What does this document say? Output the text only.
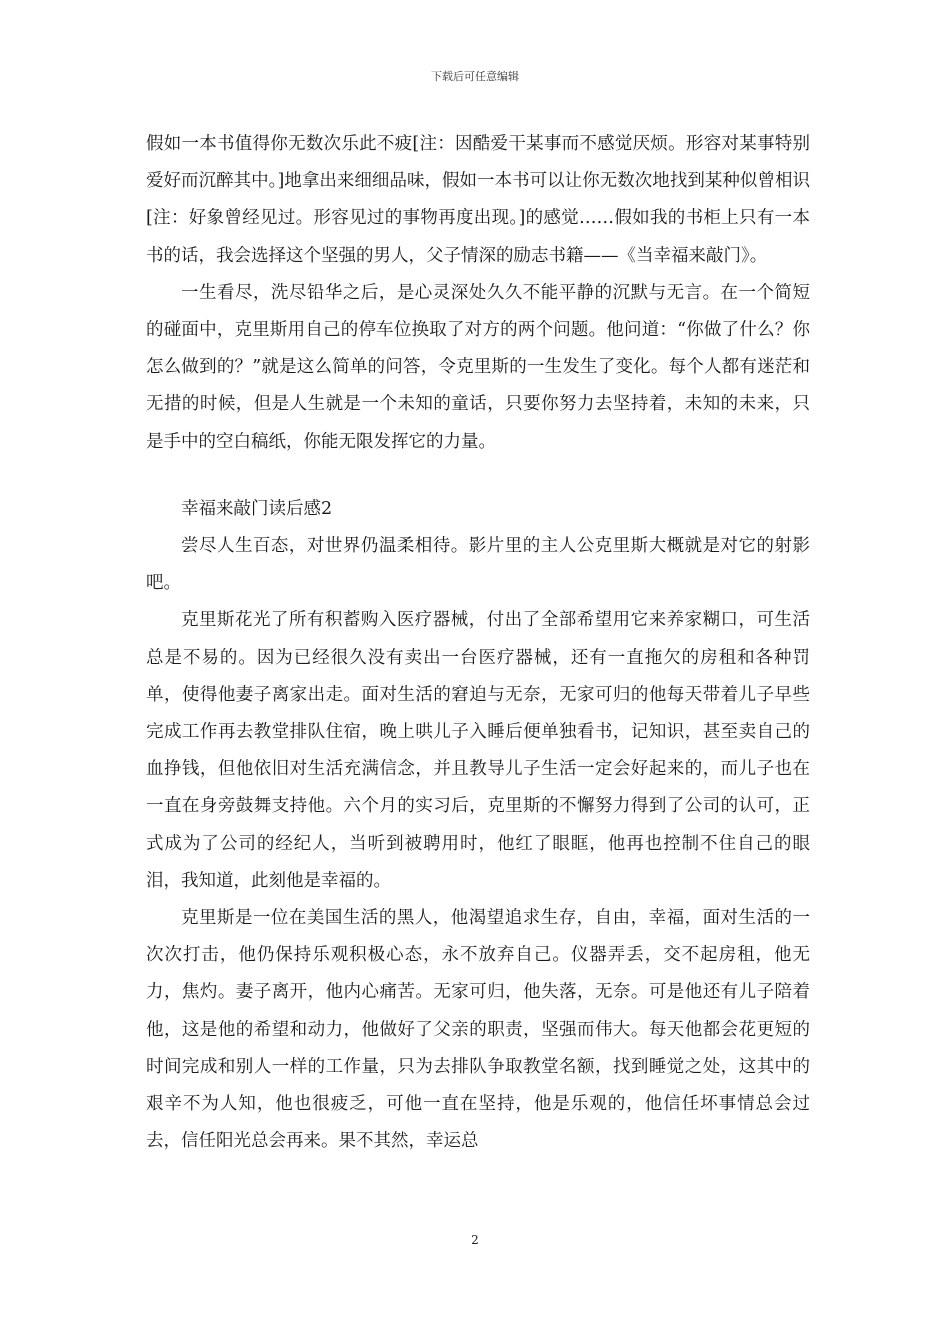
下载后可任意编辑

假如一本书值得你无数次乐此不疲[注：因酷爱干某事而不感觉厌烦。形容对某事特别爱好而沉醉其中。]地拿出来细细品味，假如一本书可以让你无数次地找到某种似曾相识[注：好象曾经见过。形容见过的事物再度出现。]的感觉……假如我的书柜上只有一本书的话，我会选择这个坚强的男人，父子情深的励志书籍——《当幸福来敲门》。

一生看尽，洗尽铅华之后，是心灵深处久久不能平静的沉默与无言。在一个简短的碰面中，克里斯用自己的停车位换取了对方的两个问题。他问道：“你做了什么？你怎么做到的？”就是这么简单的问答，令克里斯的一生发生了变化。每个人都有迷茫和无措的时候，但是人生就是一个未知的童话，只要你努力去坚持着，未知的未来，只是手中的空白稿纸，你能无限发挥它的力量。

幸福来敲门读后感2

尝尽人生百态，对世界仍温柔相待。影片里的主人公克里斯大概就是对它的射影吧。

克里斯花光了所有积蓄购入医疗器械，付出了全部希望用它来养家糊口，可生活总是不易的。因为已经很久没有卖出一台医疗器械，还有一直拖欠的房租和各种罚单，使得他妻子离家出走。面对生活的窘迫与无奈，无家可归的他每天带着儿子早些完成工作再去教堂排队住宿，晚上哄儿子入睡后便单独看书，记知识，甚至卖自己的血挣钱，但他依旧对生活充满信念，并且教导儿子生活一定会好起来的，而儿子也在一直在身旁鼓舞支持他。六个月的实习后，克里斯的不懈努力得到了公司的认可，正式成为了公司的经纪人，当听到被聘用时，他红了眼眶，他再也控制不住自己的眼泪，我知道，此刻他是幸福的。

克里斯是一位在美国生活的黑人，他渴望追求生存，自由，幸福，面对生活的一次次打击，他仍保持乐观积极心态，永不放弃自己。仪器弄丢，交不起房租，他无力，焦灼。妻子离开，他内心痛苦。无家可归，他失落，无奈。可是他还有儿子陪着他，这是他的希望和动力，他做好了父亲的职责，坚强而伟大。每天他都会花更短的时间完成和别人一样的工作量，只为去排队争取教堂名额，找到睡觉之处，这其中的艰辛不为人知，他也很疲乏，可他一直在坚持，他是乐观的，他信任坏事情总会过去，信任阳光总会再来。果不其然，幸运总

2
